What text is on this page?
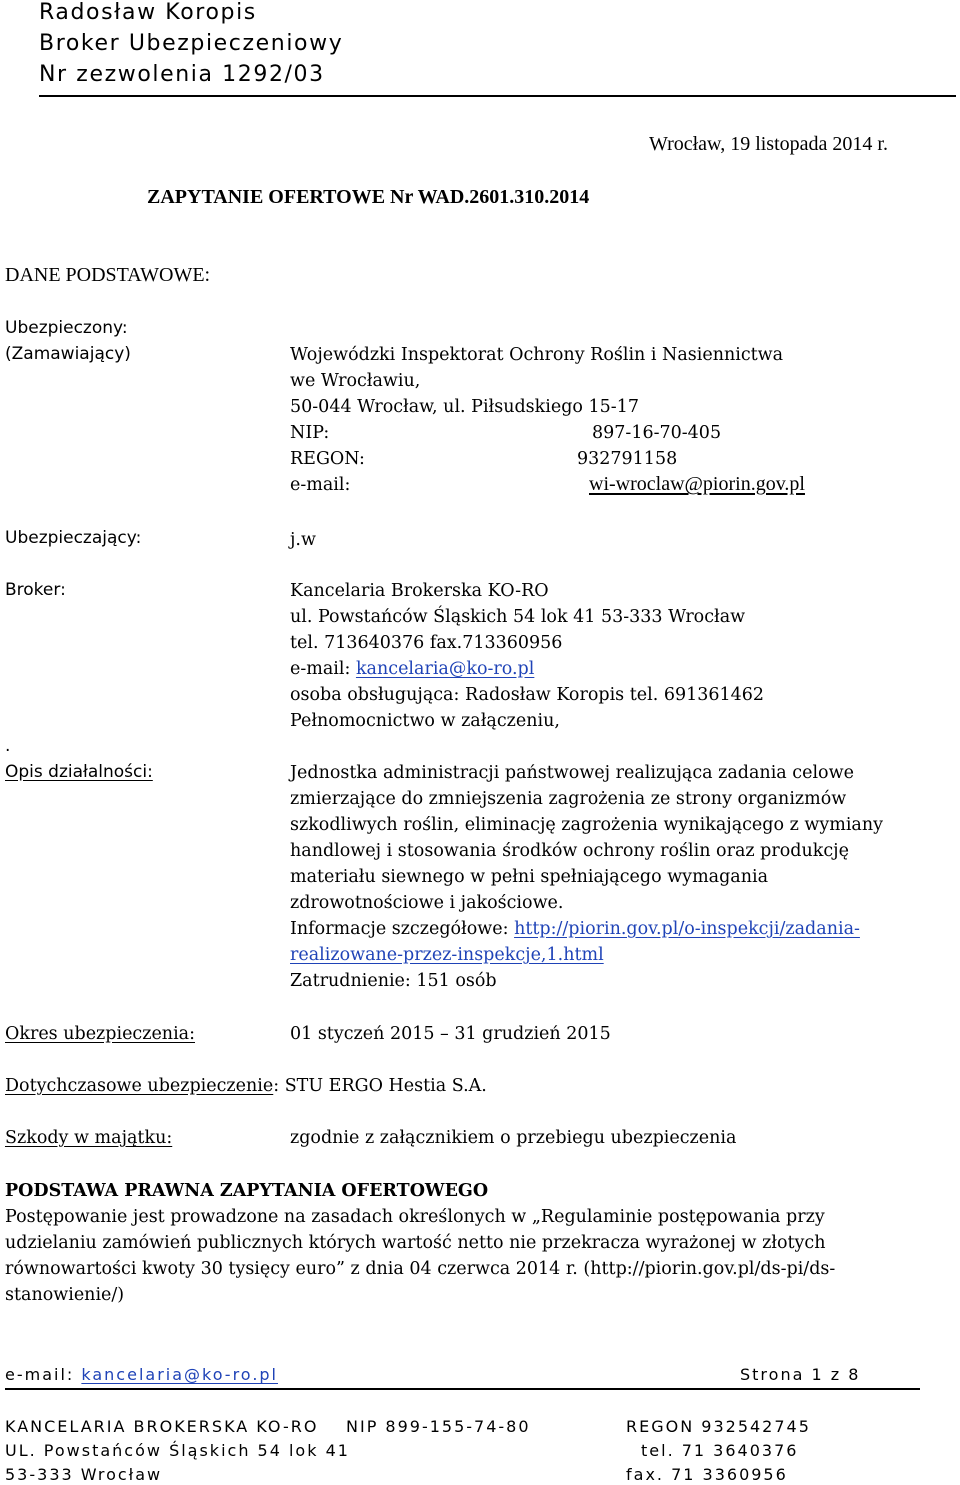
Radosław Koropis
Broker Ubezpieczeniowy
Nr zezwolenia 1292/03
Wrocław, 19 listopada 2014 r.
ZAPYTANIE OFERTOWE Nr WAD.2601.310.2014
DANE PODSTAWOWE:
Ubezpieczony:
(Zamawiający)	Wojewódzki Inspektorat Ochrony Roślin i Nasiennictwa
we Wrocławiu,
50-044 Wrocław, ul. Piłsudskiego 15-17
NIP:	897-16-70-405
REGON:	932791158
e-mail:	wi-wroclaw@piorin.gov.pl
Ubezpieczający:	j.w
Broker:	Kancelaria Brokerska KO-RO
ul. Powstańców Śląskich 54 lok 41 53-333 Wrocław
tel. 713640376 fax.713360956
e-mail: kancelaria@ko-ro.pl
osoba obsługująca: Radosław Koropis tel. 691361462
Pełnomocnictwo w załączeniu,
.
Opis działalności:	Jednostka administracji państwowej realizująca zadania celowe
zmierzające do zmniejszenia zagrożenia ze strony organizmów
szkodliwych roślin, eliminację zagrożenia wynikającego z wymiany
handlowej i stosowania środków ochrony roślin oraz produkcję
materiału siewnego w pełni spełniającego wymagania
zdrowotnościowe i jakościowe.
Informacje szczegółowe: http://piorin.gov.pl/o-inspekcji/zadania-
realizowane-przez-inspekcje,1.html
Zatrudnienie: 151 osób
Okres ubezpieczenia:	01 styczeń 2015 – 31 grudzień 2015
Dotychczasowe ubezpieczenie: STU ERGO Hestia S.A.
Szkody w majątku:	zgodnie z załącznikiem o przebiegu ubezpieczenia
PODSTAWA PRAWNA ZAPYTANIA OFERTOWEGO
Postępowanie jest prowadzone na zasadach określonych w „Regulaminie postępowania przy
udzielaniu zamówień publicznych których wartość netto nie przekracza wyrażonej w złotych
równowartości kwoty 30 tysięcy euro” z dnia 04 czerwca 2014 r. (http://piorin.gov.pl/ds-pi/ds-
stanowienie/)
e-mail: kancelaria@ko-ro.pl	Strona 1 z 8
KANCELARIA BROKERSKA KO-RO NIP 899-155-74-80	REGON 932542745
UL. Powstańców Śląskich 54 lok 41	tel. 71 3640376
53-333 Wrocław	fax. 71 3360956
